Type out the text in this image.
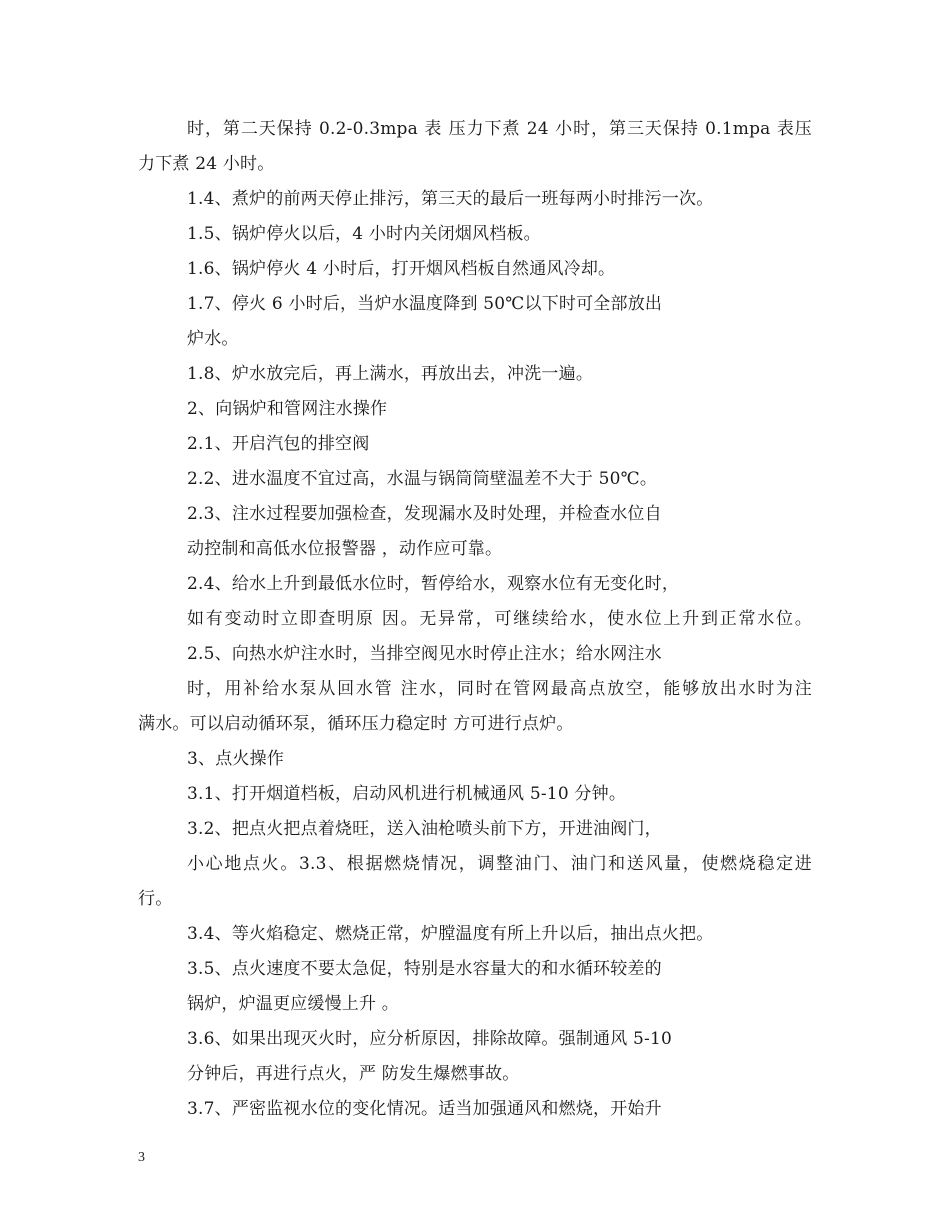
时，第二天保持 0.2-0.3mpa 表 压力下煮 24 小时，第三天保持 0.1mpa 表压
力下煮 24 小时。
1.4、煮炉的前两天停止排污，第三天的最后一班每两小时排污一次。
1.5、锅炉停火以后，4 小时内关闭烟风档板。
1.6、锅炉停火 4 小时后，打开烟风档板自然通风冷却。
1.7、停火 6 小时后，当炉水温度降到 50℃以下时可全部放出
炉水。
1.8、炉水放完后，再上满水，再放出去，冲洗一遍。
2、向锅炉和管网注水操作
2.1、开启汽包的排空阀
2.2、进水温度不宜过高，水温与锅筒筒壁温差不大于 50℃。
2.3、注水过程要加强检查，发现漏水及时处理，并检查水位自
动控制和高低水位报警器 ，动作应可靠。
2.4、给水上升到最低水位时，暂停给水，观察水位有无变化时，
如有变动时立即查明原 因。无异常，可继续给水，使水位上升到正常水位。
2.5、向热水炉注水时，当排空阀见水时停止注水；给水网注水
时，用补给水泵从回水管 注水，同时在管网最高点放空，能够放出水时为注
满水。可以启动循环泵，循环压力稳定时 方可进行点炉。
3、点火操作
3.1、打开烟道档板，启动风机进行机械通风 5-10 分钟。
3.2、把点火把点着烧旺，送入油枪喷头前下方，开进油阀门，
小心地点火。3.3、根据燃烧情况，调整油门、油门和送风量，使燃烧稳定进
行。
3.4、等火焰稳定、燃烧正常，炉膛温度有所上升以后，抽出点火把。
3.5、点火速度不要太急促，特别是水容量大的和水循环较差的
锅炉，炉温更应缓慢上升 。
3.6、如果出现灭火时，应分析原因，排除故障。强制通风 5-10
分钟后，再进行点火，严 防发生爆燃事故。
3.7、严密监视水位的变化情况。适当加强通风和燃烧，开始升
3
